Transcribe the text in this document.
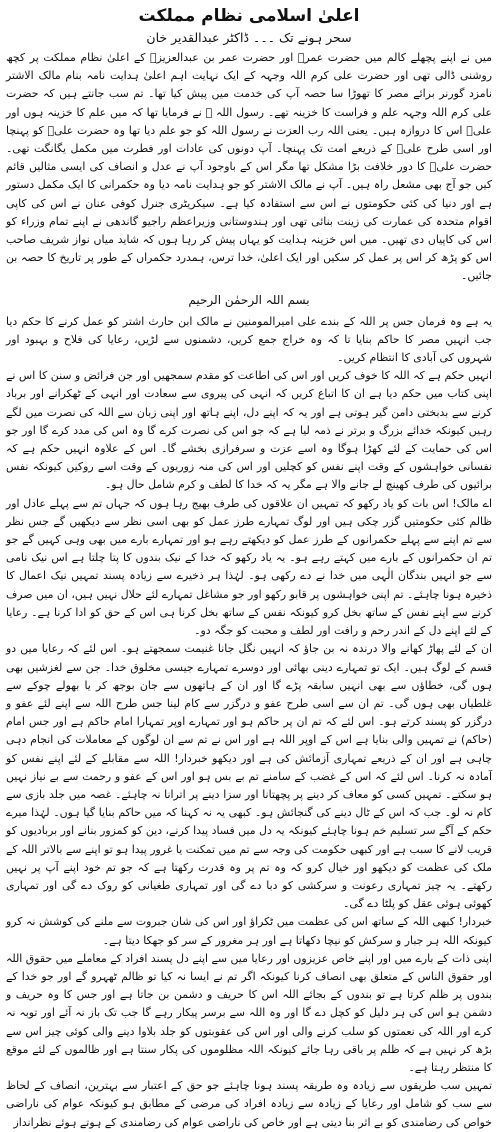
اعلیٰ اسلامی نظام مملکت
سحر ہونے تک ۔۔۔ ڈاکٹر عبدالقدیر خان

میں نے اپنے پچھلے کالم میں حضرت عمرؓ اور حضرت عمر بن عبدالعزیزؒ کے اعلیٰ نظام مملکت پر کچھ روشنی ڈالی تھی اور حضرت علی کرم اللہ وجہہ کے ایک نہایت اہم اعلیٰ ہدایت نامہ بنام مالک الاشتر نامزد گورنر برائے مصر کا تھوڑا سا حصہ آپ کی خدمت میں پیش کیا تھا۔ تم سب جانتے ہیں کہ حضرت علی کرم اللہ وجہہ علم و فراست کا خزینہ تھے۔ رسول اللہ ﷺ نے فرمایا تھا کہ میں علم کا خزینہ ہوں اور علیؓ اس کا دروازہ ہیں۔ یعنی اللہ رب العزت نے رسول اللہ کو جو علم دیا تھا وہ حضرت علیؓ کو پہنچا اور اسی طرح علیؓ کے ذریعے امت تک پہنچا۔ آپ دونوں کی عادات اور فطرت میں مکمل یگانگت تھی۔ حضرت علیؓ کا دور خلافت بڑا مشکل تھا مگر اس کے باوجود آپ نے عدل و انصاف کی ایسی مثالیں قائم کیں جو آج بھی مشعل راہ ہیں۔ آپ نے مالک الاشتر کو جو ہدایت نامہ دیا وہ حکمرانی کا ایک مکمل دستور ہے اور دنیا کی کئی حکومتوں نے اس سے استفادہ کیا ہے۔ سیکریٹری جنرل کوفی عنان نے اس کی کاپی اقوام متحدہ کی عمارت کی زینت بنائی تھی اور ہندوستانی وزیراعظم راجیو گاندھی نے اپنے تمام وزراء کو اس کی کاپیاں دی تھیں۔ میں اس خزینہ ہدایت کو یہاں پیش کر رہا ہوں کہ شاید میاں نواز شریف صاحب اس کو پڑھ کر اس پر عمل کر سکیں اور ایک اعلیٰ، خدا ترس، ہمدرد حکمراں کے طور پر تاریخ کا حصہ بن جائیں۔

بسم اللہ الرحمٰن الرحیم

یہ ہے وہ فرمان جس پر اللہ کے بندے علی امیرالمومنین نے مالک ابن حارث اشتر کو عمل کرنے کا حکم دیا جب انہیں مصر کا حاکم بنایا تا کہ وہ خراج جمع کریں، دشمنوں سے لڑیں، رعایا کی فلاح و بہبود اور شہروں کی آبادی کا انتظام کریں۔

انہیں حکم ہے کہ اللہ کا خوف کریں اور اس کی اطاعت کو مقدم سمجھیں اور جن فرائض و سنن کا اس نے اپنی کتاب میں حکم دیا ہے ان کا اتباع کریں کہ انہی کی پیروی سے سعادت اور انہی کے ٹھکرانے اور برباد کرنے سے بدبختی دامن گیر ہوتی ہے اور یہ کہ اپنے دل، اپنے ہاتھ اور اپنی زبان سے اللہ کی نصرت میں لگے رہیں کیونکہ خدائے بزرگ و برتر نے ذمہ لیا ہے کہ جو اس کی نصرت کرے گا وہ اس کی مدد کرے گا اور جو اس کی حمایت کے لئے کھڑا ہوگا وہ اسے عزت و سرفرازی بخشے گا۔ اس کے علاوہ انہیں حکم ہے کہ نفسانی خواہشوں کے وقت اپنے نفس کو کچلیں اور اس کی منہ زوریوں کے وقت اسے روکیں کیونکہ نفس برائیوں کی طرف کھینچ لے جانے والا ہے مگر یہ کہ خدا کا لطف و کرم شامل حال ہو۔

اے مالک! اس بات کو یاد رکھو کہ تمہیں ان علاقوں کی طرف بھیج رہا ہوں کہ جہاں تم سے پہلے عادل اور ظالم کئی حکومتیں گزر چکی ہیں اور لوگ تمہارے طرز عمل کو بھی اسی نظر سے دیکھیں گے جس نظر سے تم اپنے سے پہلے حکمرانوں کے طرز عمل کو دیکھتے رہے ہو اور تمہارے بارے میں بھی وہی کہیں گے جو تم ان حکمرانوں کے بارے میں کہتے رہے ہو۔ یہ یاد رکھو کہ خدا کے نیک بندوں کا پتا چلتا ہے اس نیک نامی سے جو انہیں بندگان الٰہی میں خدا نے دے رکھی ہو۔ لہٰذا ہر ذخیرے سے زیادہ پسند تمہیں نیک اعمال کا ذخیرہ ہونا چاہئے۔ تم اپنی خواہشوں پر قابو رکھو اور جو مشاغل تمہارے لئے حلال نہیں ہیں، ان میں صرف کرنے سے اپنے نفس کے ساتھ بخل کرو کیونکہ نفس کے ساتھ بخل کرنا ہی اس کے حق کو ادا کرنا ہے۔ رعایا کے لئے اپنے دل کے اندر رحم و رافت اور لطف و محبت کو جگہ دو۔

ان کے لئے پھاڑ کھانے والا درندہ نہ بن جاؤ کہ انہیں نگل جانا غنیمت سمجھتے ہو۔ اس لئے کہ رعایا میں دو قسم کے لوگ ہیں۔ ایک تو تمہارے دینی بھائی اور دوسرے تمہارے جیسی مخلوق خدا۔ جن سے لغزشیں بھی ہوں گی، خطاؤں سے بھی انہیں سابقہ پڑے گا اور ان کے ہاتھوں سے جان بوجھ کر یا بھولے چوکے سے غلطیاں بھی ہوں گی۔ تم ان سے اسی طرح عفو و درگزر سے کام لینا جس طرح اللہ سے اپنے لئے عفو و درگزر کو پسند کرتے ہو۔ اس لئے کہ تم ان پر حاکم ہو اور تمہارے اوپر تمہارا امام حاکم ہے اور جس امام (حاکم) نے تمہیں والی بنایا ہے اس کے اوپر اللہ ہے اور اس نے تم سے ان لوگوں کے معاملات کی انجام دہی چاہی ہے اور ان کے ذریعے تمہاری آزمائش کی ہے اور دیکھو خبردار! اللہ سے مقابلے کے لئے اپنے نفس کو آمادہ نہ کرنا۔ اس لئے کہ اس کے غضب کے سامنے تم بے بس ہو اور اس کے عفو و رحمت سے بے نیاز نہیں ہو سکتے۔ تمہیں کسی کو معاف کر دینے پر پچھتانا اور سزا دینے پر اترانا نہ چاہئے۔ غصہ میں جلد بازی سے کام نہ لو۔ جب کہ اس کے ٹال دینے کی گنجائش ہو۔ کبھی یہ نہ کہنا کہ میں حاکم بنایا گیا ہوں۔ لہٰذا میرے حکم کے آگے سر تسلیم خم ہونا چاہئے کیونکہ یہ دل میں فساد پیدا کرنے، دین کو کمزور بنانے اور بربادیوں کو قریب لانے کا سبب ہے اور کبھی حکومت کی وجہ سے تم میں تمکنت یا غرور پیدا ہو تو اپنے سے بالاتر اللہ کے ملک کی عظمت کو دیکھو اور خیال کرو کہ وہ تم پر وہ قدرت رکھتا ہے کہ جو تم خود اپنے آپ پر نہیں رکھتے۔ یہ چیز تمہاری رعونت و سرکشی کو دبا دے گی اور تمہاری طغیانی کو روک دے گی اور تمہاری کھوئی ہوئی عقل کو پلٹا دے گی۔

خبردار! کبھی اللہ کے ساتھ اس کی عظمت میں ٹکراؤ اور اس کی شان جبروت سے ملنے کی کوشش نہ کرو کیونکہ اللہ ہر جبار و سرکش کو نیچا دکھاتا ہے اور ہر مغرور کے سر کو جھکا دیتا ہے۔

اپنی ذات کے بارے میں اور اپنے خاص عزیزوں اور رعایا میں سے اپنے دل پسند افراد کے معاملے میں حقوق اللہ اور حقوق الناس کے متعلق بھی انصاف کرنا کیونکہ اگر تم نے ایسا نہ کیا تو ظالم ٹھہرو گے اور جو خدا کے بندوں پر ظلم کرتا ہے تو بندوں کے بجائے اللہ اس کا حریف و دشمن بن جاتا ہے اور جس کا وہ حریف و دشمن ہو اس کی ہر دلیل کو کچل دے گا اور وہ اللہ سے برسر پیکار رہے گا جب تک باز نہ آئے اور توبہ نہ کرے اور اللہ کی نعمتوں کو سلب کرنے والی اور اس کی عقوبتوں کو جلد بلاوا دینے والی کوئی چیز اس سے بڑھ کر نہیں ہے کہ ظلم پر باقی رہا جائے کیونکہ اللہ مظلوموں کی پکار سنتا ہے اور ظالموں کے لئے موقع کا منتظر رہتا ہے۔

تمہیں سب طریقوں سے زیادہ وہ طریقہ پسند ہونا چاہئے جو حق کے اعتبار سے بہترین، انصاف کے لحاظ سے سب کو شامل اور رعایا کے زیادہ سے زیادہ افراد کی مرضی کے مطابق ہو کیونکہ عوام کی ناراضی خواص کی رضامندی کو بے اثر بنا دیتی ہے اور خاص کی ناراضی عوام کی رضامندی کے ہوتے ہوئے نظرانداز
